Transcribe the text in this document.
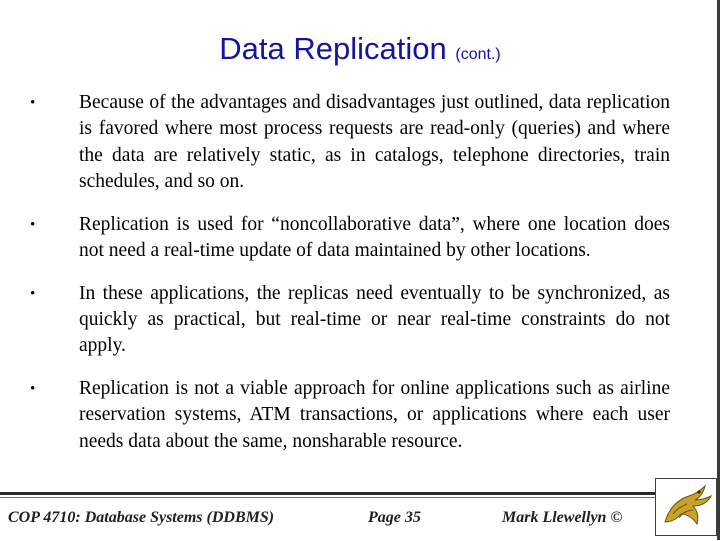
Data Replication (cont.)
•	Because of the advantages and disadvantages just outlined, data replication is favored where most process requests are read-only (queries) and where the data are relatively static, as in catalogs, telephone directories, train schedules, and so on.
•	Replication is used for “noncollaborative data”, where one location does not need a real-time update of data maintained by other locations.
•	In these applications, the replicas need eventually to be synchronized, as quickly as practical, but real-time or near real-time constraints do not apply.
•	Replication is not a viable approach for online applications such as airline reservation systems, ATM transactions, or applications where each user needs data about the same, nonsharable resource.
COP 4710: Database Systems (DDBMS)	Page 35	Mark Llewellyn ©
